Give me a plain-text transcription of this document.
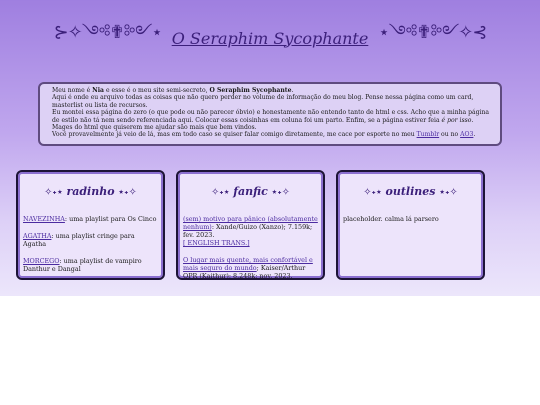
⊱✧༺✟༻⋆ O Seraphim Sycophante ⋆༺✟༻✧⊰

Meu nome é Nia e esse é o meu site semi-secreto, O Seraphim Sycophante.

Aqui é onde eu arquivo todas as coisas que não quero perder no volume de informação do meu blog. Pense nessa página como um card, masterlist ou lista de recursos.

Eu montei essa página do zero (o que pode ou não parecer óbvio) e honestamente não entendo tanto de html e css. Acho que a minha página de estilo não tá nem sendo referenciada aqui. Colocar essas coisinhas em coluna foi um parto. Enfim, se a página estiver feia é por isso. Mages do html que quiserem me ajudar são mais que bem vindos.

Você provavelmente já veio de lá, mas em todo caso se quiser falar comigo diretamente, me cace por esporte no meu Tumblr ou no AO3.

✧˖⋆ radinho ⋆˖✧
NAVEZINHA: uma playlist para Os Cinco
AGATHA: uma playlist cringe para Agatha
MORCEGO: uma playlist de vampiro Danthur e Dangal
✧˖⋆ fanfic ⋆˖✧
(sem) motivo para pânico (absolutamente nenhum): Xande/Guizo (Xanzo); 7.159k; fev. 2023.
[ ENGLISH TRANS.]
O lugar mais quente, mais confortável e mais seguro do mundo; Kaiser/Arthur QPR (Kaithur); 8.248k; nov. 2023.
✧˖⋆ outlines ⋆˖✧
placeholder. calma lá parsero
